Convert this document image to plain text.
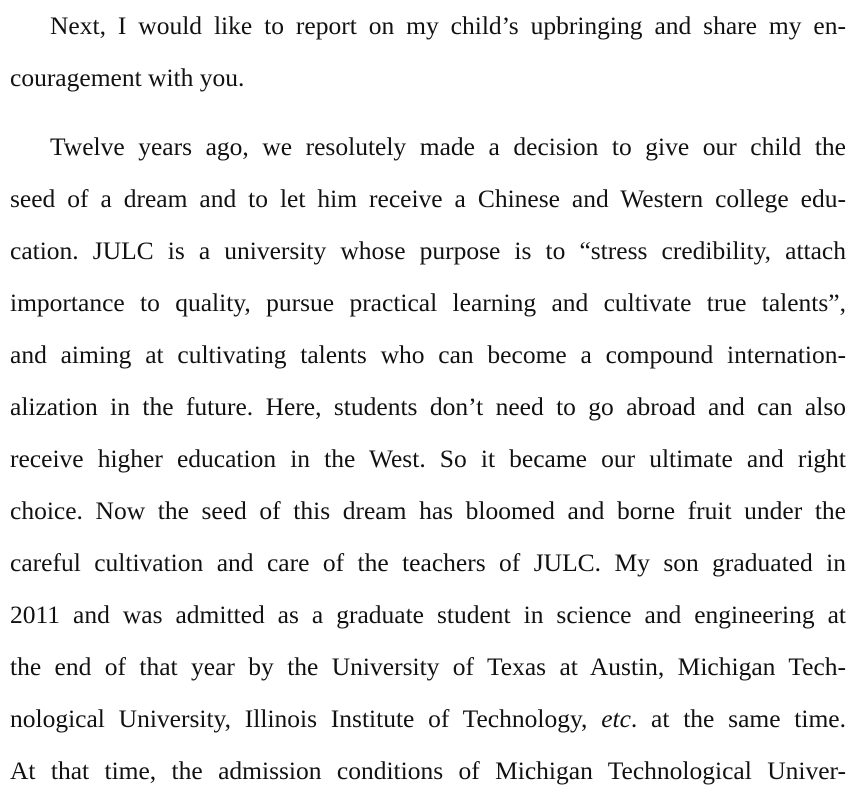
Next, I would like to report on my child’s upbringing and share my en-
couragement with you.
Twelve years ago, we resolutely made a decision to give our child the
seed of a dream and to let him receive a Chinese and Western college edu-
cation. JULC is a university whose purpose is to “stress credibility, attach
importance to quality, pursue practical learning and cultivate true talents”,
and aiming at cultivating talents who can become a compound internation-
alization in the future. Here, students don’t need to go abroad and can also
receive higher education in the West. So it became our ultimate and right
choice. Now the seed of this dream has bloomed and borne fruit under the
careful cultivation and care of the teachers of JULC. My son graduated in
2011 and was admitted as a graduate student in science and engineering at
the end of that year by the University of Texas at Austin, Michigan Tech-
nological University, Illinois Institute of Technology, etc. at the same time.
At that time, the admission conditions of Michigan Technological Univer-
